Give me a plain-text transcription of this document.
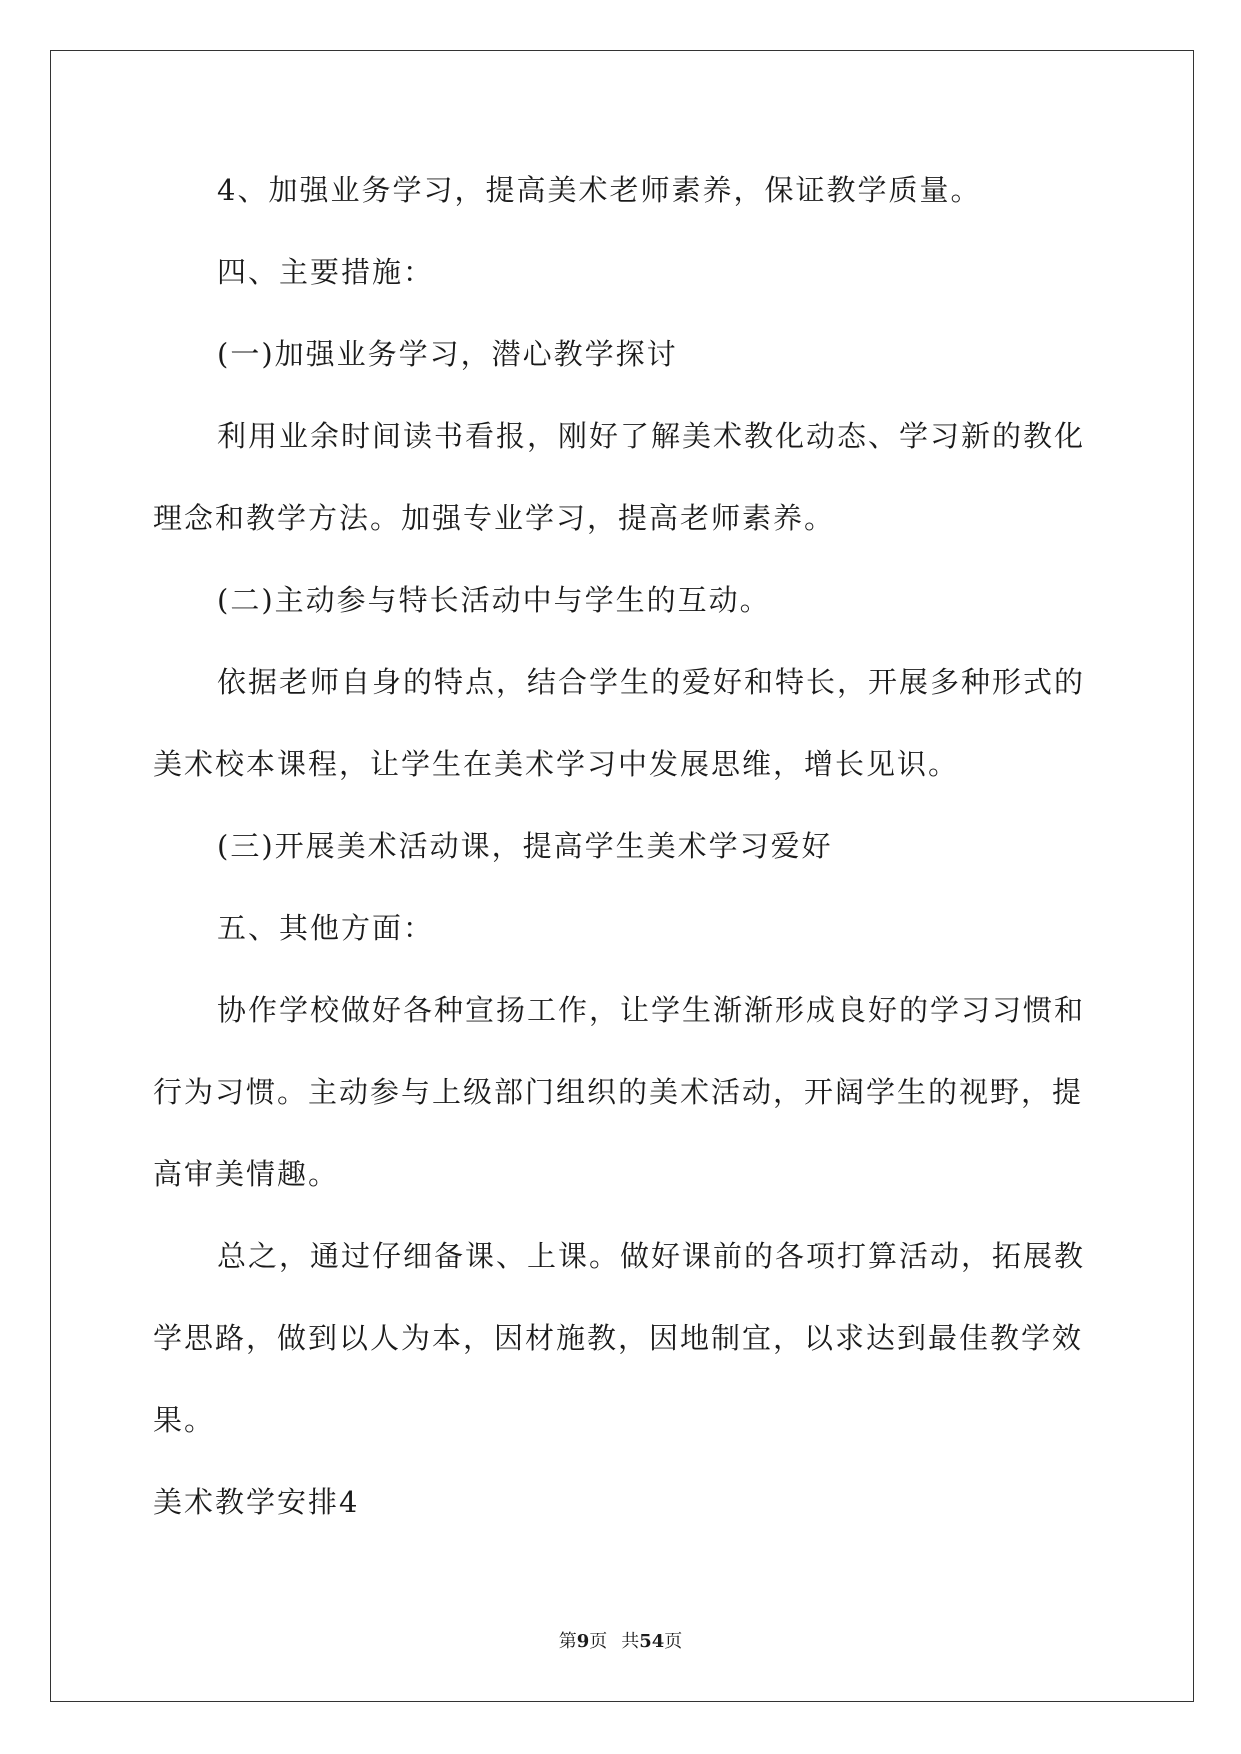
4、加强业务学习，提高美术老师素养，保证教学质量。
四、主要措施：
(一)加强业务学习，潜心教学探讨
利用业余时间读书看报，刚好了解美术教化动态、学习新的教化
理念和教学方法。加强专业学习，提高老师素养。
(二)主动参与特长活动中与学生的互动。
依据老师自身的特点，结合学生的爱好和特长，开展多种形式的
美术校本课程，让学生在美术学习中发展思维，增长见识。
(三)开展美术活动课，提高学生美术学习爱好
五、其他方面：
协作学校做好各种宣扬工作，让学生渐渐形成良好的学习习惯和
行为习惯。主动参与上级部门组织的美术活动，开阔学生的视野，提
高审美情趣。
总之，通过仔细备课、上课。做好课前的各项打算活动，拓展教
学思路，做到以人为本，因材施教，因地制宜，以求达到最佳教学效
果。
美术教学安排4
第9页 共54页
